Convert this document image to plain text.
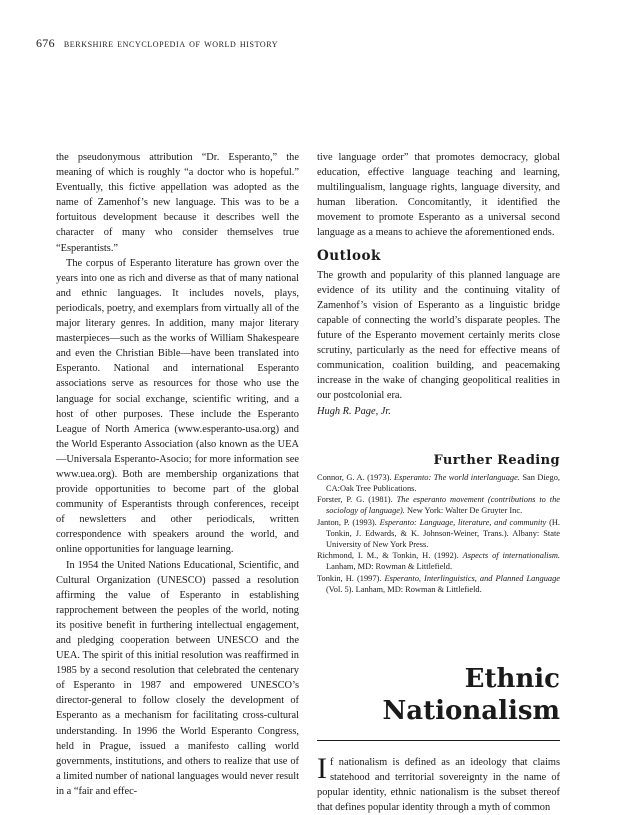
676 berkshire encyclopedia of world history

the pseudonymous attribution “Dr. Esperanto,” the meaning of which is roughly “a doctor who is hopeful.” Eventually, this fictive appellation was adopted as the name of Zamenhof’s new language. This was to be a fortuitous development because it describes well the character of many who consider themselves true “Esperantists.”

The corpus of Esperanto literature has grown over the years into one as rich and diverse as that of many national and ethnic languages. It includes novels, plays, periodicals, poetry, and exemplars from virtually all of the major literary genres. In addition, many major literary masterpieces—such as the works of William Shakespeare and even the Christian Bible—have been translated into Esperanto. National and international Esperanto associations serve as resources for those who use the language for social exchange, scientific writing, and a host of other purposes. These include the Esperanto League of North America (www.esperanto-usa.org) and the World Esperanto Association (also known as the UEA—Universala Esperanto-Asocio; for more information see www.uea.org). Both are membership organizations that provide opportunities to become part of the global community of Esperantists through conferences, receipt of newsletters and other periodicals, written correspondence with speakers around the world, and online opportunities for language learning.

In 1954 the United Nations Educational, Scientific, and Cultural Organization (UNESCO) passed a resolution affirming the value of Esperanto in establishing rapprochement between the peoples of the world, noting its positive benefit in furthering intellectual engagement, and pledging cooperation between UNESCO and the UEA. The spirit of this initial resolution was reaffirmed in 1985 by a second resolution that celebrated the centenary of Esperanto in 1987 and empowered UNESCO’s director-general to follow closely the development of Esperanto as a mechanism for facilitating cross-cultural understanding. In 1996 the World Esperanto Congress, held in Prague, issued a manifesto calling world governments, institutions, and others to realize that use of a limited number of national languages would never result in a “fair and effec-

tive language order” that promotes democracy, global education, effective language teaching and learning, multilingualism, language rights, language diversity, and human liberation. Concomitantly, it identified the movement to promote Esperanto as a universal second language as a means to achieve the aforementioned ends.

Outlook

The growth and popularity of this planned language are evidence of its utility and the continuing vitality of Zamenhof’s vision of Esperanto as a linguistic bridge capable of connecting the world’s disparate peoples. The future of the Esperanto movement certainly merits close scrutiny, particularly as the need for effective means of communication, coalition building, and peacemaking increase in the wake of changing geopolitical realities in our postcolonial era.

Hugh R. Page, Jr.

Further Reading

Connor, G. A. (1973). Esperanto: The world interlanguage. San Diego, CA:Oak Tree Publications.

Forster, P. G. (1981). The esperanto movement (contributions to the sociology of language). New York: Walter De Gruyter Inc.

Janton, P. (1993). Esperanto: Language, literature, and community (H. Tonkin, J. Edwards, & K. Johnson-Weiner, Trans.). Albany: State University of New York Press.

Richmond, I. M., & Tonkin, H. (1992). Aspects of internationalism. Lanham, MD: Rowman & Littlefield.

Tonkin, H. (1997). Esperanto, Interlinguistics, and Planned Language (Vol. 5). Lanham, MD: Rowman & Littlefield.

Ethnic
Nationalism

If nationalism is defined as an ideology that claims statehood and territorial sovereignty in the name of popular identity, ethnic nationalism is the subset thereof that defines popular identity through a myth of common
